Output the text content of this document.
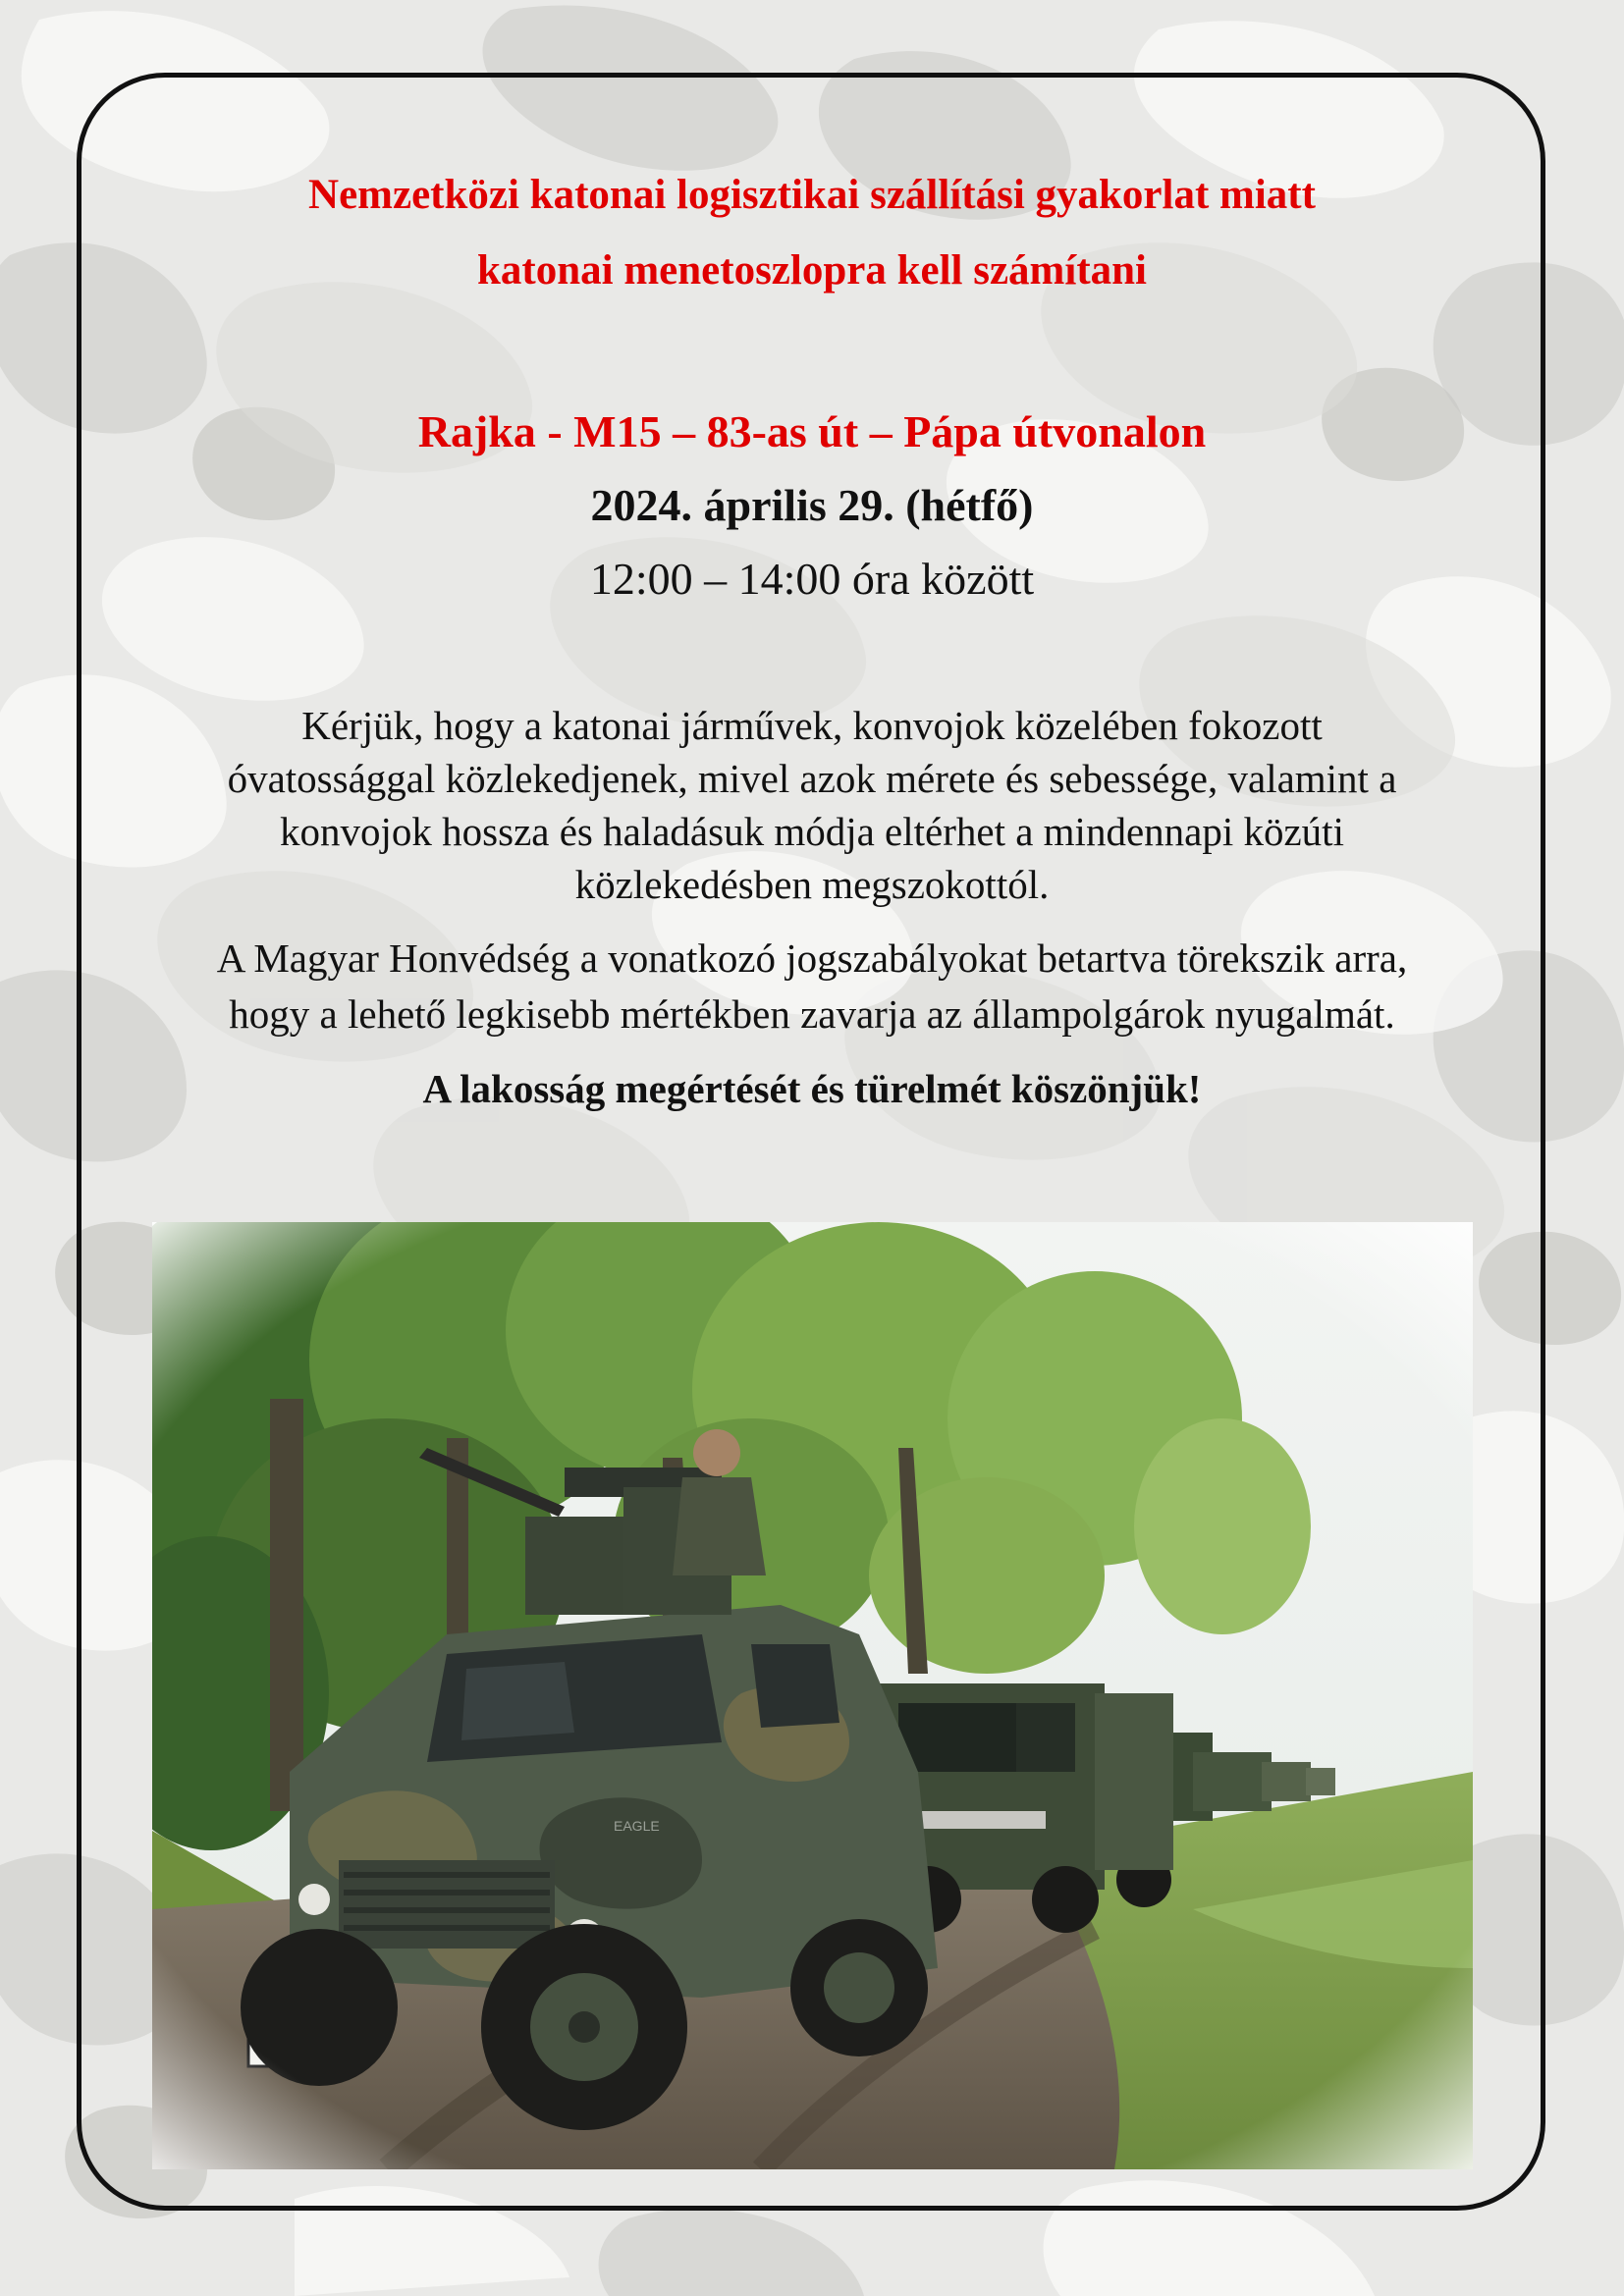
Nemzetközi katonai logisztikai szállítási gyakorlat miatt

katonai menetoszlopra kell számítani

Rajka - M15 – 83-as út – Pápa útvonalon

2024. április 29. (hétfő)

12:00 – 14:00 óra között

Kérjük, hogy a katonai járművek, konvojok közelében fokozott
óvatossággal közlekedjenek, mivel azok mérete és sebessége, valamint a
konvojok hossza és haladásuk módja eltérhet a mindennapi közúti
közlekedésben megszokottól.
A Magyar Honvédség a vonatkozó jogszabályokat betartva törekszik arra,
hogy a lehető legkisebb mértékben zavarja az állampolgárok nyugalmát.

A lakosság megértését és türelmét köszönjük!
